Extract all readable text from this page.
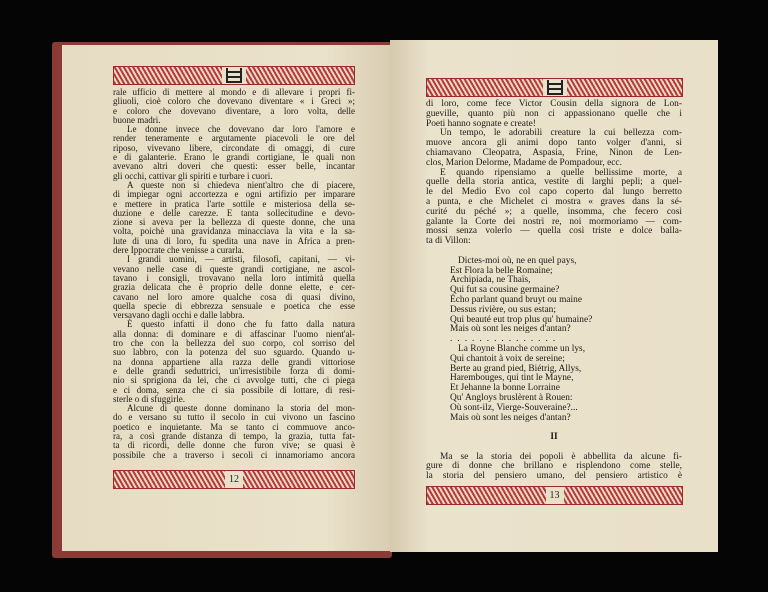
rale ufficio di mettere al mondo e di allevare i propri fi-
gliuoli, cioè coloro che dovevano diventare « i Greci »;
e coloro che dovevano diventare, a loro volta, delle
buone madri.
Le donne invece che dovevano dar loro l'amore e
render teneramente e argutamente piacevoli le ore del
riposo, vivevano libere, circondate di omaggi, di cure
e di galanterie. Erano le grandi cortigiane, le quali non
avevano altri doveri che questi: esser belle, incantar
gli occhi, cattivar gli spiriti e turbare i cuori.
A queste non si chiedeva nient'altro che di piacere,
di impiegar ogni accortezza e ogni artifizio per imparare
e mettere in pratica l'arte sottile e misteriosa della se-
duzione e delle carezze. E tanta sollecitudine e devo-
zione si aveva per la bellezza di queste donne, che una
volta, poichè una gravidanza minacciava la vita e la sa-
lute di una di loro, fu spedita una nave in Africa a pren-
dere Ippocrate che venisse a curarla.
I grandi uomini, — artisti, filosofi, capitani, — vi-
vevano nelle case di queste grandi cortigiane, ne ascol-
tavano i consigli, trovavano nella loro intimità quella
grazia delicata che è proprio delle donne elette, e cer-
cavano nel loro amore qualche cosa di quasi divino,
quella specie di ebbrezza sensuale e poetica che esse
versavano dagli occhi e dalle labbra.
È questo infatti il dono che fu fatto dalla natura
alla donna: di dominare e di affascinar l'uomo nient'al-
tro che con la bellezza del suo corpo, col sorriso del
suo labbro, con la potenza del suo sguardo. Quando u-
na donna appartiene alla razza delle grandi vittoriose
e delle grandi seduttrici, un'irresistibile forza di domi-
nio si sprigiona da lei, che ci avvolge tutti, che ci piega
e ci doma, senza che ci sia possibile di lottare, di resi-
sterle o di sfuggirle.
Alcune di queste donne dominano la storia del mon-
do e versano su tutto il secolo in cui vivono un fascino
poetico e inquietante. Ma se tanto ci commuove anco-
ra, a così grande distanza di tempo, la grazia, tutta fat-
ta di ricordi, delle donne che furon vive; se quasi è
possibile che a traverso i secoli ci innamoriamo ancora
12
di loro, come fece Victor Cousin della signora de Lon-
gueville, quanto più non ci appassionano quelle che i
Poeti hanno sognate e create!
Un tempo, le adorabili creature la cui bellezza com-
muove ancora gli animi dopo tanto volger d'anni, si
chiamavano Cleopatra, Aspasia, Frine, Ninon de Len-
clos, Marion Delorme, Madame de Pompadour, ecc.
E quando ripensiamo a quelle bellissime morte, a
quelle della storia antica, vestite di larghi pepli; a quel-
le del Medio Evo col capo coperto dal lungo berretto
a punta, e che Michelet ci mostra « graves dans la sé-
curité du péché »; a quelle, insomma, che fecero così
galante la Corte dei nostri re, noi mormoriamo — com-
mossi senza volerlo — quella così triste e dolce balla-
ta di Villon:
Dictes-moi où, ne en quel pays,
Est Flora la belle Romaine;
Archipiada, ne Thaïs,
Qui fut sa cousine germaine?
Écho parlant quand bruyt ou maine
Dessus rivière, ou sus estan;
Qui beauté eut trop plus qu' humaine?
Mais où sont les neiges d'antan?
...............
La Royne Blanche comme un lys,
Qui chantoit à voix de sereine;
Berte au grand pied, Biétrig, Allys,
Harembouges, qui tint le Mayne,
Et Jehanne la bonne Lorraine
Qu' Angloys bruslèrent à Rouen:
Où sont-ilz, Vierge-Souveraine?...
Mais où sont les neiges d'antan?
II
Ma se la storia dei popoli è abbellita da alcune fi-
gure di donne che brillano e risplendono come stelle,
la storia del pensiero umano, del pensiero artistico è
13
